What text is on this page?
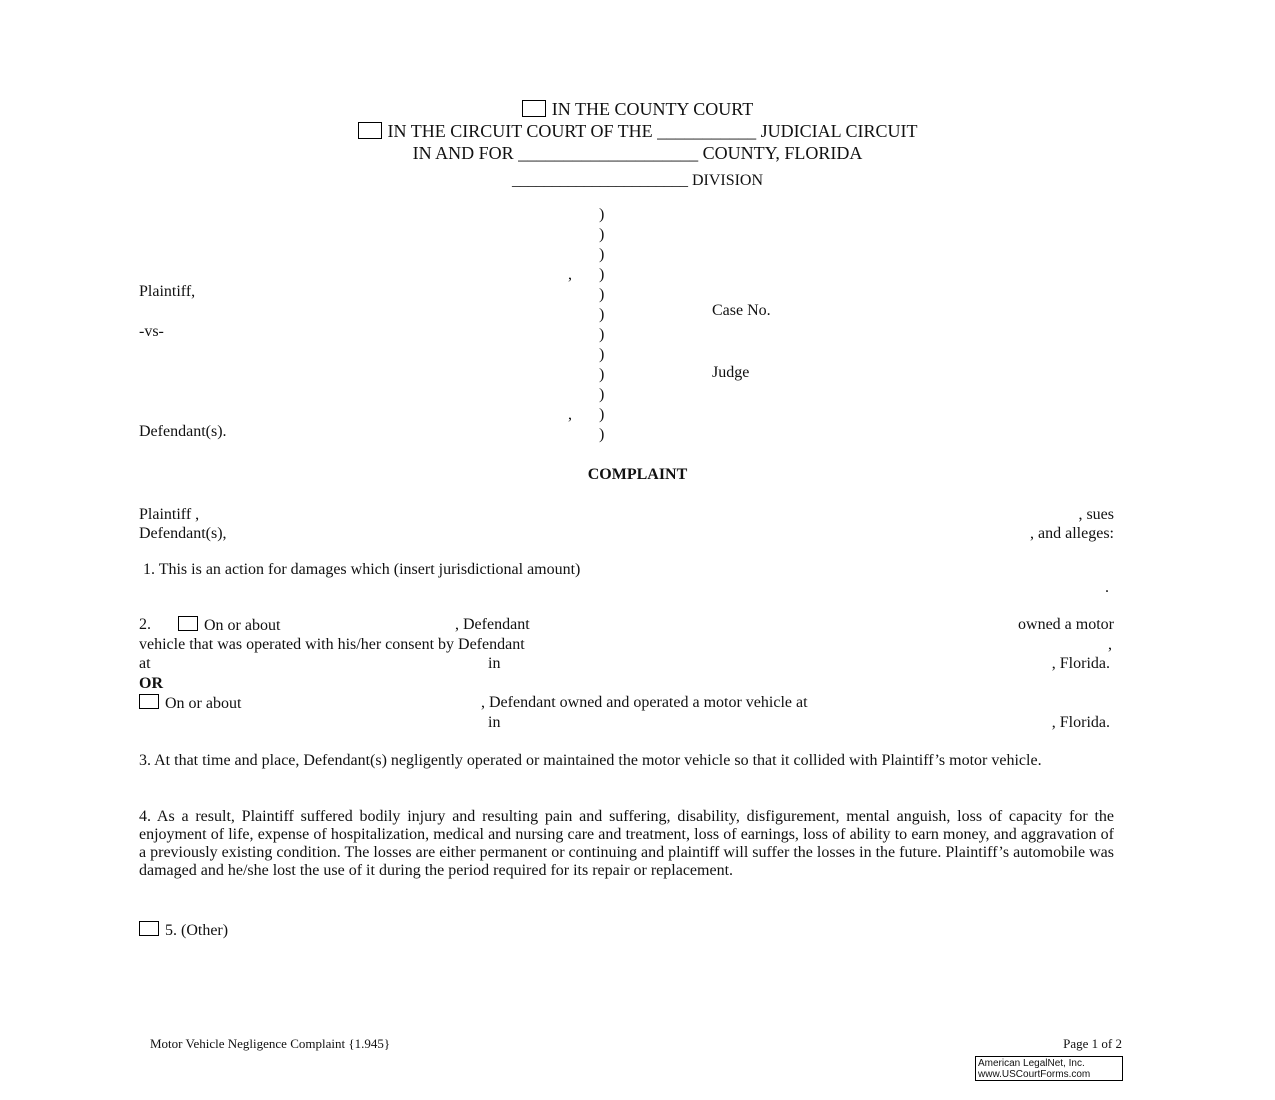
IN THE COUNTY COURT
IN THE CIRCUIT COURT OF THE ___________ JUDICIAL CIRCUIT
IN AND FOR ____________________ COUNTY, FLORIDA
______________________ DIVISION
)
)
)
)
)
)
)
)
)
)
)
)
,
Plaintiff,
-vs-
,
Defendant(s).
Case No.
Judge
COMPLAINT
Plaintiff ,	, sues
Defendant(s),	, and alleges:
1. This is an action for damages which (insert jurisdictional amount)
.
2.	On or about	, Defendant	owned a motor
vehicle that was operated with his/her consent by Defendant	,
at	in	, Florida.
OR
On or about	, Defendant owned and operated a motor vehicle at
in	, Florida.
3. At that time and place, Defendant(s) negligently operated or maintained the motor vehicle so that it collided with Plaintiff’s motor vehicle.
4. As a result, Plaintiff suffered bodily injury and resulting pain and suffering, disability, disfigurement, mental anguish, loss of capacity for the enjoyment of life, expense of hospitalization, medical and nursing care and treatment, loss of earnings, loss of ability to earn money, and aggravation of a previously existing condition. The losses are either permanent or continuing and plaintiff will suffer the losses in the future. Plaintiff’s automobile was damaged and he/she lost the use of it during the period required for its repair or replacement.
5. (Other)
Motor Vehicle Negligence Complaint {1.945}	Page 1 of 2
American LegalNet, Inc.
www.USCourtForms.com
